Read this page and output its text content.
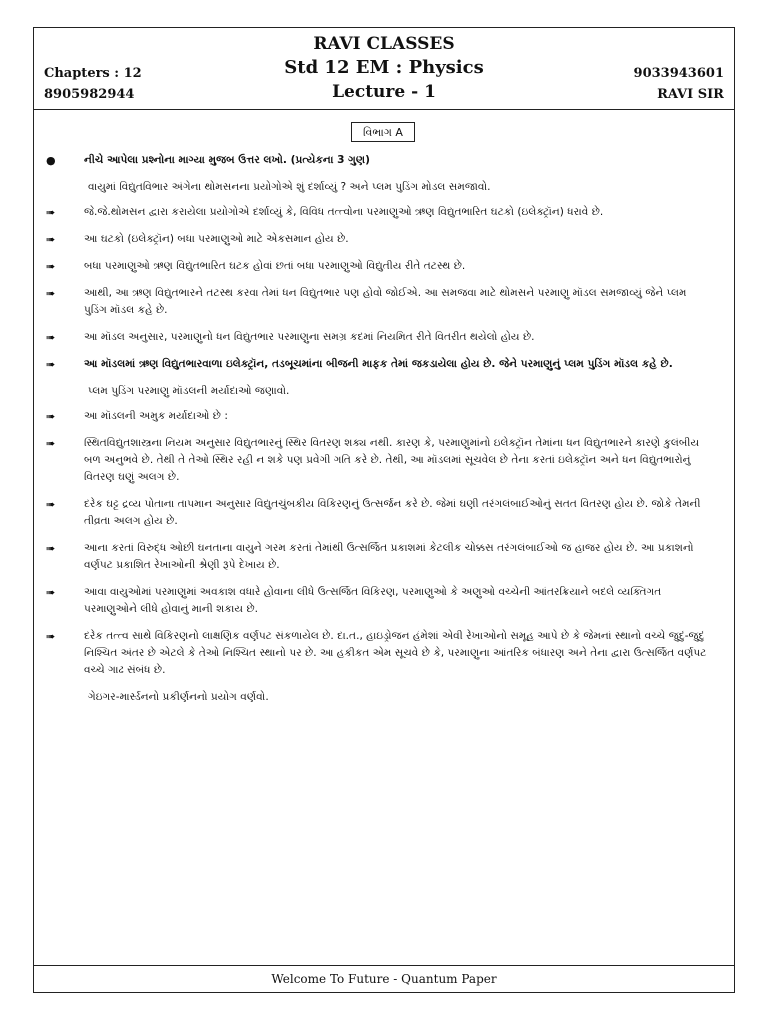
RAVI CLASSES
Std 12 EM : Physics
Lecture - 1
Chapters : 12
8905982944
9033943601
RAVI SIR
વિભાગ A
●	નીચે આપેલા પ્રશ્નોના માગ્યા મુજબ ઉત્તર લખો. (પ્રત્યેકના 3 ગુણ)
વાયુમાં વિદ્યુતવિભાર અંગેના થોમસનના પ્રયોગોએ શું દર્શાવ્યું ? અને પ્લમ પુડિંગ મોડલ સમજાવો.
➠	જે.જે.થોમસન દ્વારા કરાયેલા પ્રયોગોએ દર્શાવ્યું કે, વિવિધ તત્ત્વોના પરમાણુઓ ઋણ વિદ્યુતભારિત ઘટકો (ઇલેક્ટ્રૉન) ધરાવે છે.
➠	આ ઘટકો (ઇલેક્ટ્રૉન) બધા પરમાણુઓ માટે એકસમાન હોય છે.
➠	બધા પરમાણુઓ ઋણ વિદ્યુતભારિત ઘટક હોવાં છતાં બધા પરમાણુઓ વિદ્યુતીય રીતે તટસ્થ છે.
➠	આથી, આ ઋણ વિદ્યુતભારને તટસ્થ કરવા તેમાં ધન વિદ્યુતભાર પણ હોવો જોઈએ. આ સમજવા માટે થોમસને પરમાણુ મૉડલ સમજાવ્યું જેને પ્લમ પુડિંગ મૉડલ કહે છે.
➠	આ મૉડલ અનુસાર, પરમાણુનો ધન વિદ્યુતભાર પરમાણુના સમગ્ર કદમાં નિયમિત રીતે વિતરીત થયેલો હોય છે.
➠	આ મૉડલમાં ઋણ વિદ્યુતભારવાળા ઇલેક્ટ્રૉન, તડબૂચમાંના બીજની માફક તેમાં જકડાયેલા હોય છે. જેને પરમાણુનું પ્લમ પુડિંગ મૉડલ કહે છે.
પ્લમ પુડિંગ પરમાણુ મૉડલની મર્યાદાઓ જણાવો.
➠	આ મૉડલની અમુક મર્યાદાઓ છે :
➠	સ્થિતવિદ્યુતશાસ્ત્રના નિયમ અનુસાર વિદ્યુતભારનું સ્થિર વિતરણ શક્ય નથી. કારણ કે, પરમાણુમાંનો ઇલેક્ટ્રૉન તેમાંના ધન વિદ્યુતભારને કારણે કુલંબીય બળ અનુભવે છે. તેથી તે તેઓ સ્થિર રહી ન શકે પણ પ્રવેગી ગતિ કરે છે. તેથી, આ મૉડલમાં સૂચવેલ છે તેના કરતાં ઇલેક્ટ્રૉન અને ધન વિદ્યુતભારોનું વિતરણ ઘણું અલગ છે.
➠	દરેક ઘટ્ટ દ્રવ્ય પોતાના તાપમાન અનુસાર વિદ્યુતચુંબકીય વિકિરણનું ઉત્સર્જન કરે છે. જેમાં ઘણી તરંગલંબાઈઓનું સતત વિતરણ હોય છે. જોકે તેમની તીવ્રતા અલગ હોય છે.
➠	આના કરતાં વિરુદ્ધ ઓછી ઘનતાના વાયુને ગરમ કરતાં તેમાંથી ઉત્સર્જિત પ્રકાશમાં કેટલીક ચોક્કસ તરંગલંબાઈઓ જ હાજર હોય છે. આ પ્રકાશનો વર્ણપટ પ્રકાશિત રેખાઓની શ્રેણી રૂપે દેખાય છે.
➠	આવા વાયુઓમાં પરમાણુમાં અવકાશ વધારે હોવાના લીધે ઉત્સર્જિત વિકિરણ, પરમાણુઓ કે અણુઓ વચ્ચેની આંતરક્રિયાને બદલે વ્યક્તિગત પરમાણુઓને લીધે હોવાનું માની શકાય છે.
➠	દરેક તત્ત્વ સાથે વિકિરણનો લાક્ષણિક વર્ણપટ સંકળાયેલ છે. દા.ત., હાઇડ્રોજન હંમેશાં એવી રેખાઓનો સમૂહ આપે છે કે જેમનાં સ્થાનો વચ્ચે જુદું-જુદું નિશ્ચિત અંતર છે એટલે કે તેઓ નિશ્ચિત સ્થાનો પર છે. આ હકીકત એમ સૂચવે છે કે, પરમાણુના આંતરિક બંધારણ અને તેના દ્વારા ઉત્સર્જિત વર્ણપટ વચ્ચે ગાઢ સંબંધ છે.
ગેઇગર-માર્સ્ડનનો પ્રકીર્ણનનો પ્રયોગ વર્ણવો.
Welcome To Future - Quantum Paper
